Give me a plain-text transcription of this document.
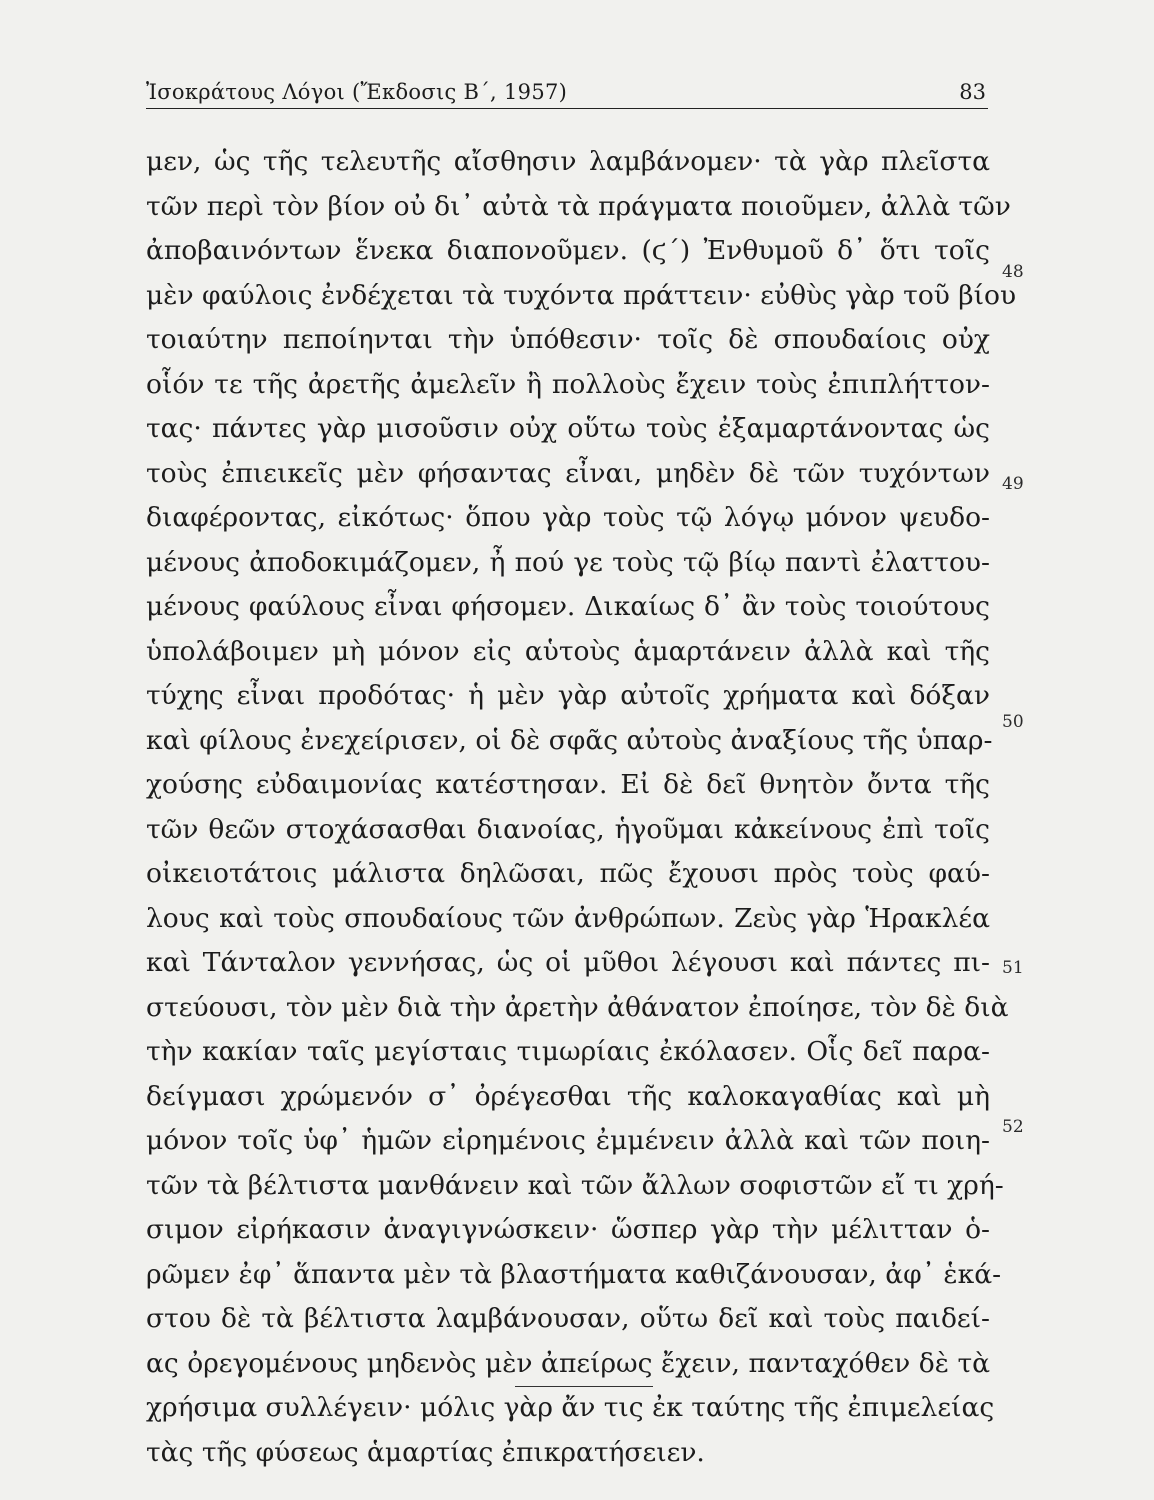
Ἰσοκράτους Λόγοι (Ἔκδοσις Β΄, 1957)	83
μεν, ὡς τῆς τελευτῆς αἴσθησιν λαμβάνομεν· τὰ γὰρ πλεῖστα
τῶν περὶ τὸν βίον οὐ δι᾽ αὐτὰ τὰ πράγματα ποιοῦμεν, ἀλλὰ τῶν
ἀποβαινόντων ἕνεκα διαπονοῦμεν. (ϛ΄) Ἐνθυμοῦ δ᾽ ὅτι τοῖς
μὲν φαύλοις ἐνδέχεται τὰ τυχόντα πράττειν· εὐθὺς γὰρ τοῦ βίου
τοιαύτην πεποίηνται τὴν ὑπόθεσιν· τοῖς δὲ σπουδαίοις οὐχ
οἷόν τε τῆς ἀρετῆς ἀμελεῖν ἢ πολλοὺς ἔχειν τοὺς ἐπιπλήττον-
τας· πάντες γὰρ μισοῦσιν οὐχ οὕτω τοὺς ἐξαμαρτάνοντας ὡς
τοὺς ἐπιεικεῖς μὲν φήσαντας εἶναι, μηδὲν δὲ τῶν τυχόντων
διαφέροντας, εἰκότως· ὅπου γὰρ τοὺς τῷ λόγῳ μόνον ψευδο-
μένους ἀποδοκιμάζομεν, ἦ πού γε τοὺς τῷ βίῳ παντὶ ἐλαττου-
μένους φαύλους εἶναι φήσομεν. Δικαίως δ᾽ ἂν τοὺς τοιούτους
ὑπολάβοιμεν μὴ μόνον εἰς αὑτοὺς ἁμαρτάνειν ἀλλὰ καὶ τῆς
τύχης εἶναι προδότας· ἡ μὲν γὰρ αὐτοῖς χρήματα καὶ δόξαν
καὶ φίλους ἐνεχείρισεν, οἱ δὲ σφᾶς αὐτοὺς ἀναξίους τῆς ὑπαρ-
χούσης εὐδαιμονίας κατέστησαν. Εἰ δὲ δεῖ θνητὸν ὄντα τῆς
τῶν θεῶν στοχάσασθαι διανοίας, ἡγοῦμαι κἀκείνους ἐπὶ τοῖς
οἰκειοτάτοις μάλιστα δηλῶσαι, πῶς ἔχουσι πρὸς τοὺς φαύ-
λους καὶ τοὺς σπουδαίους τῶν ἀνθρώπων. Ζεὺς γὰρ Ἡρακλέα
καὶ Τάνταλον γεννήσας, ὡς οἱ μῦθοι λέγουσι καὶ πάντες πι-
στεύουσι, τὸν μὲν διὰ τὴν ἀρετὴν ἀθάνατον ἐποίησε, τὸν δὲ διὰ
τὴν κακίαν ταῖς μεγίσταις τιμωρίαις ἐκόλασεν. Οἷς δεῖ παρα-
δείγμασι χρώμενόν σ᾽ ὀρέγεσθαι τῆς καλοκαγαθίας καὶ μὴ
μόνον τοῖς ὑφ᾽ ἡμῶν εἰρημένοις ἐμμένειν ἀλλὰ καὶ τῶν ποιη-
τῶν τὰ βέλτιστα μανθάνειν καὶ τῶν ἄλλων σοφιστῶν εἴ τι χρή-
σιμον εἰρήκασιν ἀναγιγνώσκειν· ὥσπερ γὰρ τὴν μέλιτταν ὁ-
ρῶμεν ἐφ᾽ ἅπαντα μὲν τὰ βλαστήματα καθιζάνουσαν, ἀφ᾽ ἑκά-
στου δὲ τὰ βέλτιστα λαμβάνουσαν, οὕτω δεῖ καὶ τοὺς παιδεί-
ας ὀρεγομένους μηδενὸς μὲν ἀπείρως ἔχειν, πανταχόθεν δὲ τὰ
χρήσιμα συλλέγειν· μόλις γὰρ ἄν τις ἐκ ταύτης τῆς ἐπιμελείας
τὰς τῆς φύσεως ἁμαρτίας ἐπικρατήσειεν.
48
49
50
51
52
